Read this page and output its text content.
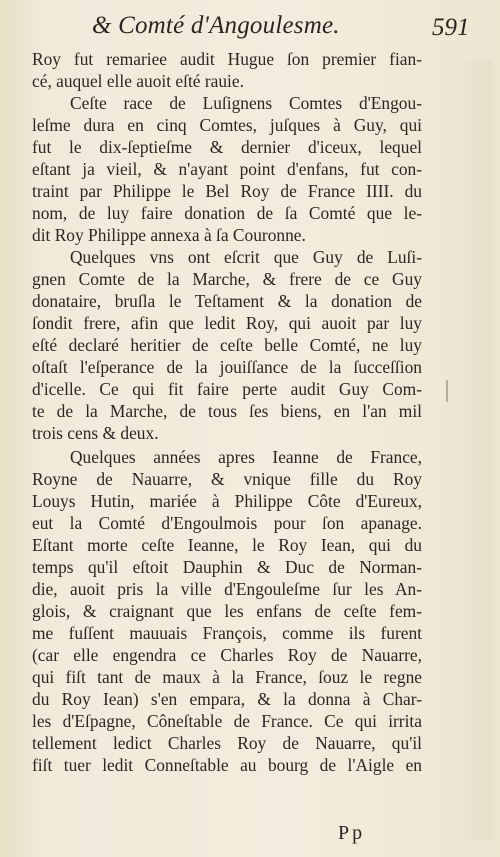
& Comté d'Angoulesme.	591
Roy fut remariee audit Hugue ſon premier fian-
cé, auquel elle auoit eſté rauie.
Ceſte race de Luſignens Comtes d'Engou-
leſme dura en cinq Comtes, juſques à Guy, qui
fut le dix-ſeptieſme & dernier d'iceux, lequel
eſtant ja vieil, & n'ayant point d'enfans, fut con-
traint par Philippe le Bel Roy de France IIII. du
nom, de luy faire donation de ſa Comté que le-
dit Roy Philippe annexa à ſa Couronne.
Quelques vns ont eſcrit que Guy de Luſi-
gnen Comte de la Marche, & frere de ce Guy
donataire, bruſla le Teſtament & la donation de
ſondit frere, afin que ledit Roy, qui auoit par luy
eſté declaré heritier de ceſte belle Comté, ne luy
oſtaſt l'eſperance de la jouiſſance de la ſucceſſion
d'icelle. Ce qui fit faire perte audit Guy Com-
te de la Marche, de tous ſes biens, en l'an mil
trois cens & deux.
Quelques années apres Ieanne de France,
Royne de Nauarre, & vnique fille du Roy
Louys Hutin, mariée à Philippe Côte d'Eureux,
eut la Comté d'Engoulmois pour ſon apanage.
Eſtant morte ceſte Ieanne, le Roy Iean, qui du
temps qu'il eſtoit Dauphin & Duc de Norman-
die, auoit pris la ville d'Engouleſme ſur les An-
glois, & craignant que les enfans de ceſte fem-
me fuſſent mauuais François, comme ils furent
(car elle engendra ce Charles Roy de Nauarre,
qui fiſt tant de maux à la France, ſouz le regne
du Roy Iean) s'en empara, & la donna à Char-
les d'Eſpagne, Côneſtable de France. Ce qui irrita
tellement ledict Charles Roy de Nauarre, qu'il
fiſt tuer ledit Conneſtable au bourg de l'Aigle en
Pp
